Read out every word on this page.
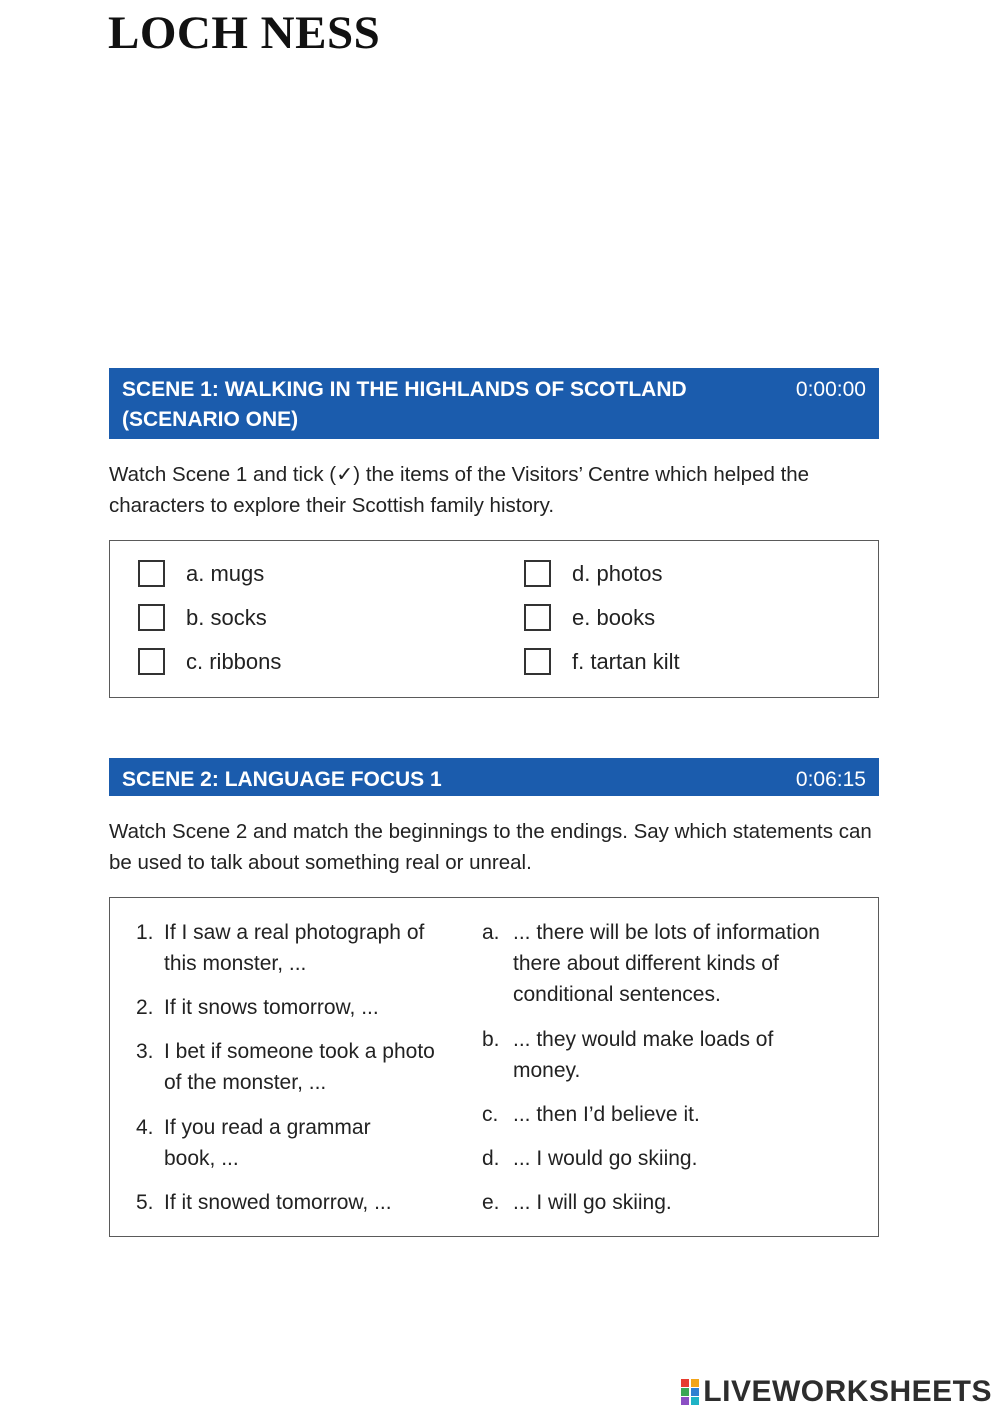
LOCH NESS
SCENE 1: WALKING IN THE HIGHLANDS OF SCOTLAND (SCENARIO ONE)
0:00:00
Watch Scene 1 and tick (✓) the items of the Visitors’ Centre which helped the characters to explore their Scottish family history.
a. mugs
b. socks
c. ribbons
d. photos
e. books
f. tartan kilt
SCENE 2: LANGUAGE FOCUS 1	0:06:15
Watch Scene 2 and match the beginnings to the endings. Say which statements can be used to talk about something real or unreal.
1. If I saw a real photograph of this monster, ...
2. If it snows tomorrow, ...
3. I bet if someone took a photo of the monster, ...
4. If you read a grammar book, ...
5. If it snowed tomorrow, ...
a. ... there will be lots of information there about different kinds of conditional sentences.
b. ... they would make loads of money.
c. ... then I’d believe it.
d. ... I would go skiing.
e. ... I will go skiing.
LIVEWORKSHEETS
